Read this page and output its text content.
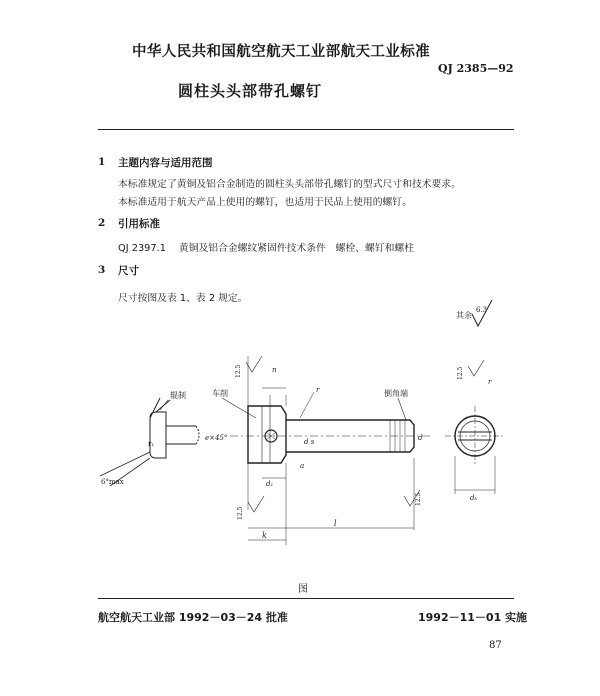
中华人民共和国航空航天工业部航天工业标准
QJ 2385—92
圆柱头头部带孔螺钉
1 主题内容与适用范围
本标准规定了黄铜及铝合金制造的圆柱头头部带孔螺钉的型式尺寸和技术要求。
本标准适用于航天产品上使用的螺钉，也适用于民品上使用的螺钉。
2 引用标准
QJ 2397.1　 黄铜及铝合金螺纹紧固件技术条件　螺栓、螺钉和螺柱
3 尺寸
尺寸按图及表 1、表 2 规定。
其余
6.3
r₁
辊制
6°max
l
k
d₁
a
d s	d
n
r
e×45°
12.5
12.5
12.5
车削	倒角端
dₖ
12.5
r
图
航空航天工业部 1992－03－24 批准	1992－11－01 实施
87
